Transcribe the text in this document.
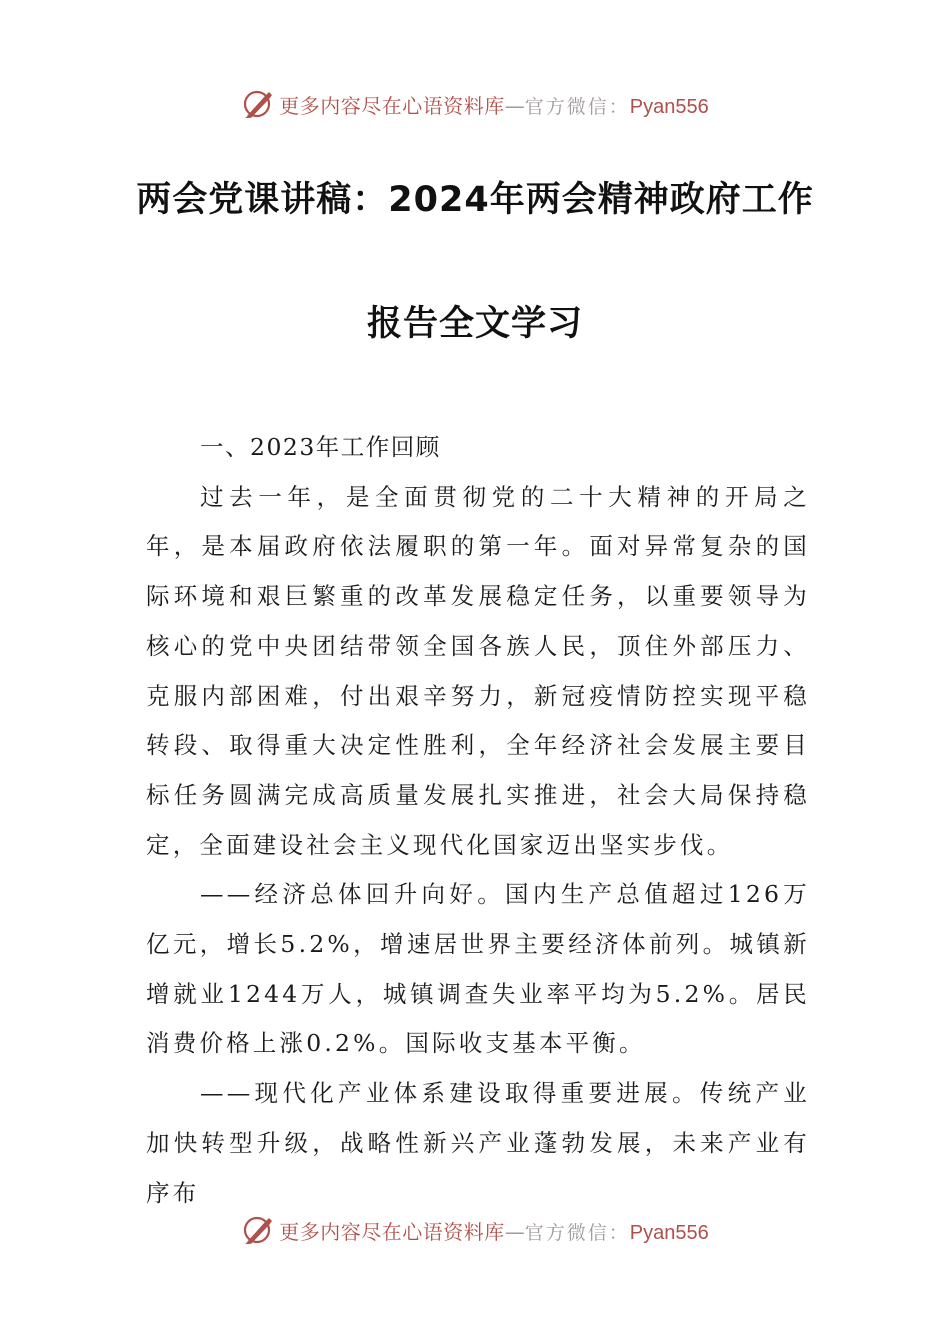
更多内容尽在心语资料库 — 官方微信： Pyan556
两会党课讲稿：2024年两会精神政府工作
报告全文学习

一、2023年工作回顾

过去一年，是全面贯彻党的二十大精神的开局之年，是本届政府依法履职的第一年。面对异常复杂的国际环境和艰巨繁重的改革发展稳定任务，以重要领导为核心的党中央团结带领全国各族人民，顶住外部压力、克服内部困难，付出艰辛努力，新冠疫情防控实现平稳转段、取得重大决定性胜利，全年经济社会发展主要目标任务圆满完成高质量发展扎实推进，社会大局保持稳定，全面建设社会主义现代化国家迈出坚实步伐。

——经济总体回升向好。国内生产总值超过126万亿元，增长5.2%，增速居世界主要经济体前列。城镇新增就业1244万人，城镇调查失业率平均为5.2%。居民消费价格上涨0.2%。国际收支基本平衡。

——现代化产业体系建设取得重要进展。传统产业加快转型升级，战略性新兴产业蓬勃发展，未来产业有序布

更多内容尽在心语资料库 — 官方微信： Pyan556
